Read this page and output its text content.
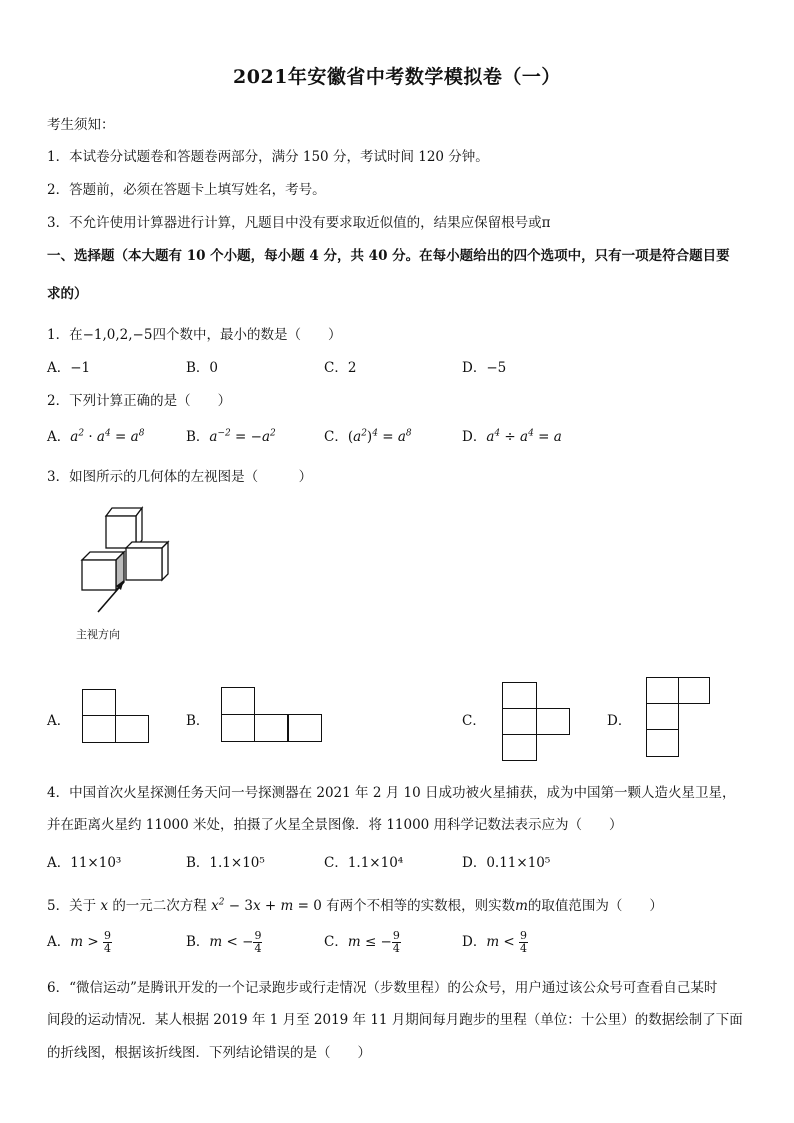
2021年安徽省中考数学模拟卷（一）
考生须知：
1．本试卷分试题卷和答题卷两部分，满分 150 分，考试时间 120 分钟。
2．答题前，必须在答题卡上填写姓名，考号。
3．不允许使用计算器进行计算，凡题目中没有要求取近似值的，结果应保留根号或π
一、选择题（本大题有 10 个小题，每小题 4 分，共 40 分。在每小题给出的四个选项中，只有一项是符合题目要
求的）
1．在−1,0,2,−5四个数中，最小的数是（　　）
A．−1	B．0	C．2	D．−5
2．下列计算正确的是（　　）
A．$a^2 \cdot a^4 = a^8$	B．$a^{-2} = -a^2$	C．$(a^2)^4 = a^8$	D．$a^4 \div a^4 = a$
3．如图所示的几何体的左视图是（　　　）
主视方向
A．	B．	C．	D．
4．中国首次火星探测任务天问一号探测器在 2021 年 2 月 10 日成功被火星捕获，成为中国第一颗人造火星卫星，
并在距离火星约 11000 米处，拍摄了火星全景图像．将 11000 用科学记数法表示应为（　　）
A．11×10³	B．1.1×10⁵	C．1.1×10⁴	D．0.11×10⁵
5．关于 x 的一元二次方程 $x^2 - 3x + m = 0$ 有两个不相等的实数根，则实数m的取值范围为（　　）
A．$m > \frac{9}{4}$	B．m < − $\frac{9}{4}$	C．m ≤ − $\frac{9}{4}$	D．$m < \frac{9}{4}$
6．“微信运动”是腾讯开发的一个记录跑步或行走情况（步数里程）的公众号，用户通过该公众号可查看自己某时
间段的运动情况．某人根据 2019 年 1 月至 2019 年 11 月期间每月跑步的里程（单位：十公里）的数据绘制了下面
的折线图，根据该折线图．下列结论错误的是（　　）
